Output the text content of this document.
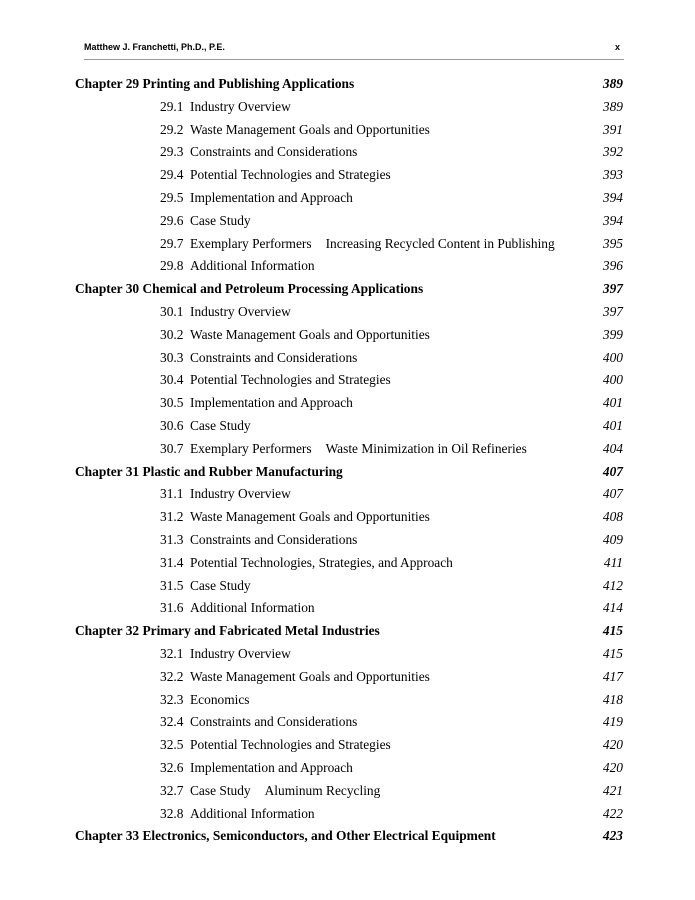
Matthew J. Franchetti, Ph.D., P.E.	x
Chapter 29 Printing and Publishing Applications	389
29.1 Industry Overview	389
29.2 Waste Management Goals and Opportunities	391
29.3 Constraints and Considerations	392
29.4 Potential Technologies and Strategies	393
29.5 Implementation and Approach	394
29.6 Case Study	394
29.7 Exemplary Performers Increasing Recycled Content in Publishing	395
29.8 Additional Information	396
Chapter 30 Chemical and Petroleum Processing Applications	397
30.1 Industry Overview	397
30.2 Waste Management Goals and Opportunities	399
30.3 Constraints and Considerations	400
30.4 Potential Technologies and Strategies	400
30.5 Implementation and Approach	401
30.6 Case Study	401
30.7 Exemplary Performers Waste Minimization in Oil Refineries	404
Chapter 31 Plastic and Rubber Manufacturing	407
31.1 Industry Overview	407
31.2 Waste Management Goals and Opportunities	408
31.3 Constraints and Considerations	409
31.4 Potential Technologies, Strategies, and Approach	411
31.5 Case Study	412
31.6 Additional Information	414
Chapter 32 Primary and Fabricated Metal Industries	415
32.1 Industry Overview	415
32.2 Waste Management Goals and Opportunities	417
32.3 Economics	418
32.4 Constraints and Considerations	419
32.5 Potential Technologies and Strategies	420
32.6 Implementation and Approach	420
32.7 Case Study Aluminum Recycling	421
32.8 Additional Information	422
Chapter 33 Electronics, Semiconductors, and Other Electrical Equipment	423
